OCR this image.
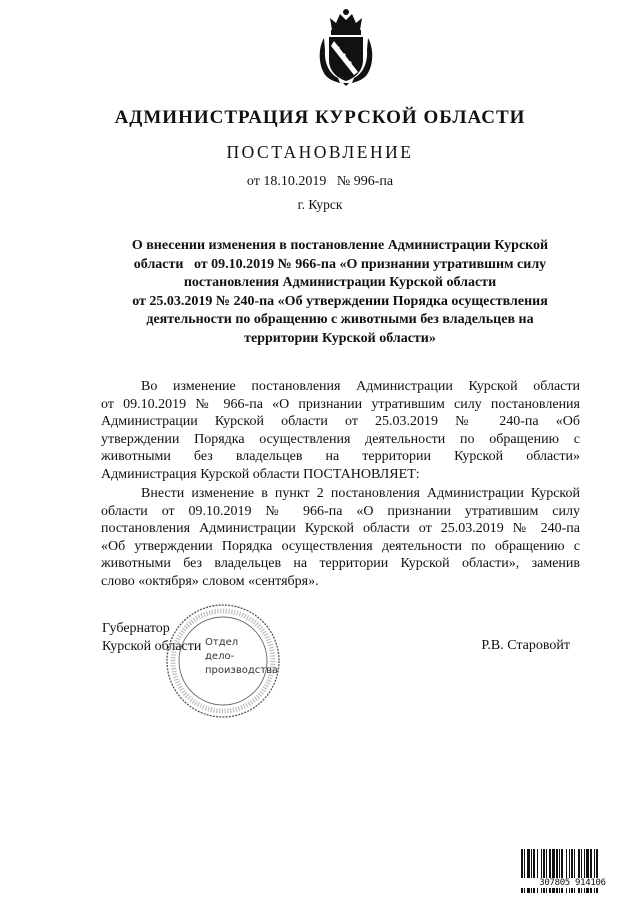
АДМИНИСТРАЦИЯ КУРСКОЙ ОБЛАСТИ
ПОСТАНОВЛЕНИЕ
от 18.10.2019   № 996-па
г. Курск
О внесении изменения в постановление Администрации Курской
области   от 09.10.2019 № 966-па «О признании утратившим силу
постановления Администрации Курской области
от 25.03.2019 № 240-па «Об утверждении Порядка осуществления
деятельности по обращению с животными без владельцев на
территории Курской области»
Во изменение постановления Администрации Курской области
от 09.10.2019 № 966-па «О признании утратившим силу постановления
Администрации Курской области от 25.03.2019 № 240-па «Об
утверждении Порядка осуществления деятельности по обращению с
животными без владельцев на территории Курской области»
Администрация Курской области ПОСТАНОВЛЯЕТ:
Внести изменение в пункт 2 постановления Администрации Курской
области от 09.10.2019 № 966-па «О признании утратившим силу
постановления Администрации Курской области от 25.03.2019 № 240-па
«Об утверждении Порядка осуществления деятельности по обращению с
животными без владельцев на территории Курской области», заменив
слово «октября» словом «сентября».
Губернатор
Курской области	Р.В. Старовойт
Отдел
дело-
производства
307805 914106
